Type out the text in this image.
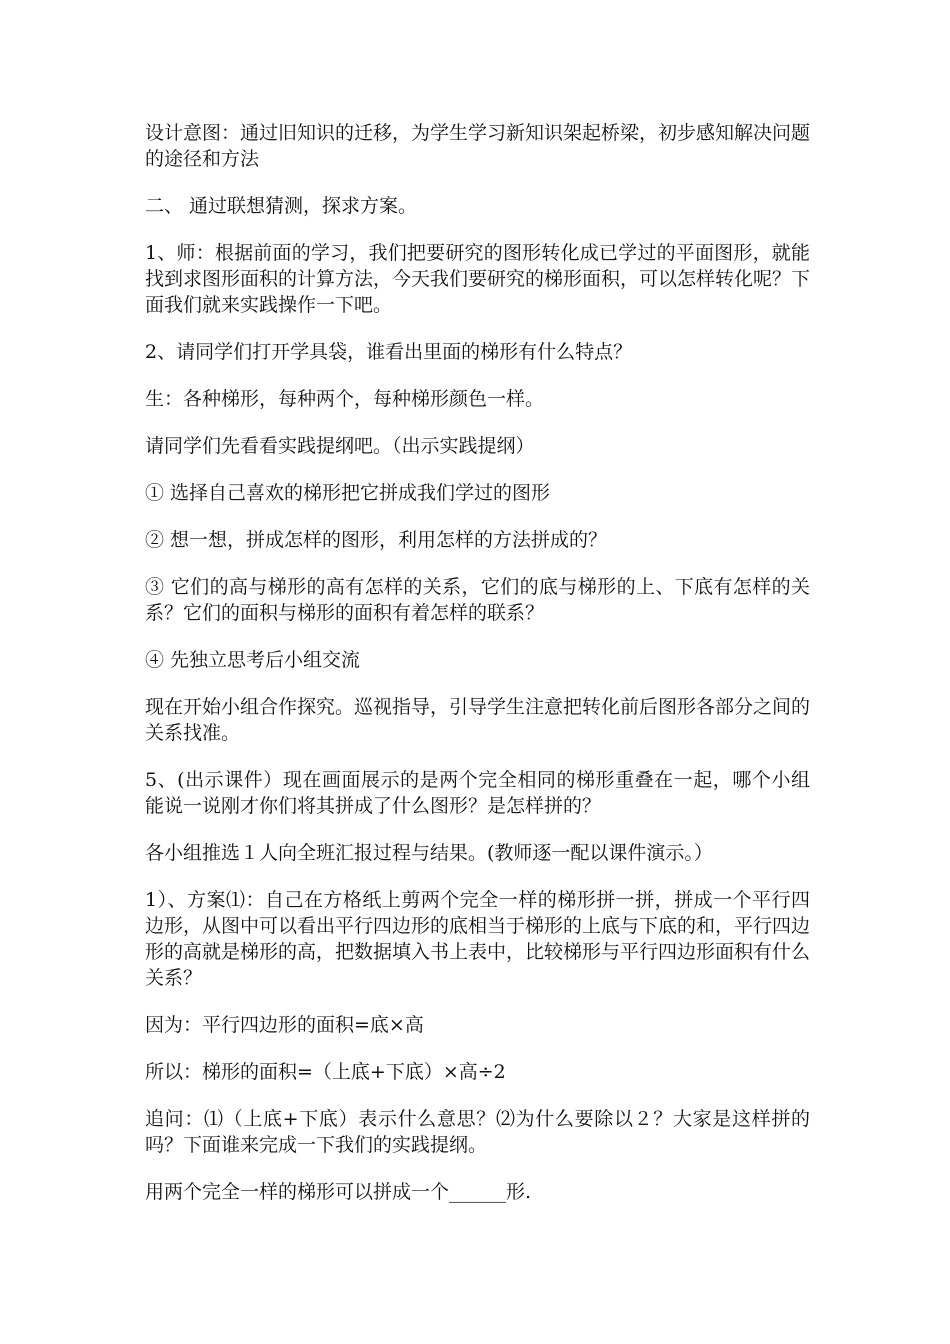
设计意图：通过旧知识的迁移，为学生学习新知识架起桥梁，初步感知解决问题的途径和方法

二、 通过联想猜测，探求方案。

1、师：根据前面的学习，我们把要研究的图形转化成已学过的平面图形，就能找到求图形面积的计算方法，今天我们要研究的梯形面积，可以怎样转化呢？下面我们就来实践操作一下吧。

2、请同学们打开学具袋，谁看出里面的梯形有什么特点？

生：各种梯形，每种两个，每种梯形颜色一样。

请同学们先看看实践提纲吧。（出示实践提纲）

① 选择自己喜欢的梯形把它拼成我们学过的图形

② 想一想，拼成怎样的图形，利用怎样的方法拼成的？

③ 它们的高与梯形的高有怎样的关系，它们的底与梯形的上、下底有怎样的关系？它们的面积与梯形的面积有着怎样的联系？

④ 先独立思考后小组交流

现在开始小组合作探究。巡视指导，引导学生注意把转化前后图形各部分之间的关系找准。

5、(出示课件）现在画面展示的是两个完全相同的梯形重叠在一起，哪个小组能说一说刚才你们将其拼成了什么图形？是怎样拼的？

各小组推选１人向全班汇报过程与结果。(教师逐一配以课件演示。）

1）、方案⑴：自己在方格纸上剪两个完全一样的梯形拼一拼，拼成一个平行四边形，从图中可以看出平行四边形的底相当于梯形的上底与下底的和，平行四边形的高就是梯形的高，把数据填入书上表中，比较梯形与平行四边形面积有什么关系？

因为：平行四边形的面积=底×高

所以：梯形的面积=（上底+下底）×高÷2

追问：⑴（上底+下底）表示什么意思？⑵为什么要除以２？大家是这样拼的吗？下面谁来完成一下我们的实践提纲。

用两个完全一样的梯形可以拼成一个______形.
